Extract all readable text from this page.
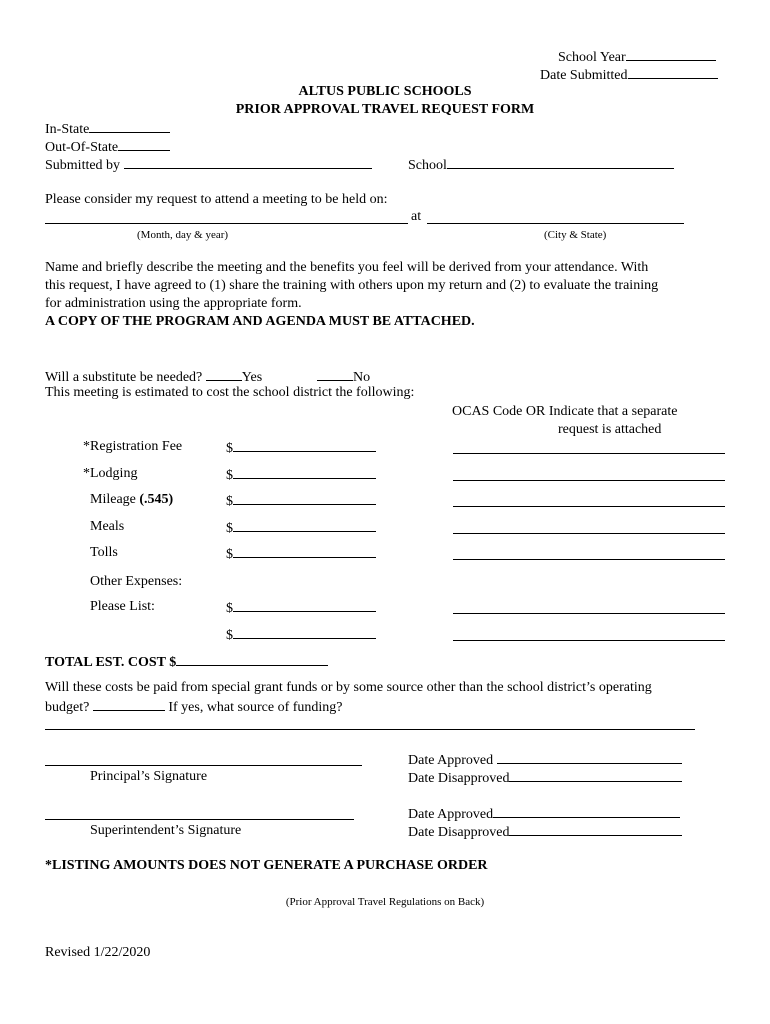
School Year
Date Submitted
ALTUS PUBLIC SCHOOLS
PRIOR APPROVAL TRAVEL REQUEST FORM
In-State
Out-Of-State
Submitted by	School
Please consider my request to attend a meeting to be held on:
at
(Month, day & year)	(City & State)
Name and briefly describe the meeting and the benefits you feel will be derived from your attendance. With
this request, I have agreed to (1) share the training with others upon my return and (2) to evaluate the training
for administration using the appropriate form.
A COPY OF THE PROGRAM AND AGENDA MUST BE ATTACHED.
Will a substitute be needed?	Yes	No
This meeting is estimated to cost the school district the following:
OCAS Code OR Indicate that a separate
request is attached
*Registration Fee	$
*Lodging	$
Mileage (.545)	$
Meals	$
Tolls	$
Other Expenses:
Please List:	$
$
TOTAL EST. COST $
Will these costs be paid from special grant funds or by some source other than the school district’s operating
budget?	If yes, what source of funding?
Principal’s Signature
Date Approved
Date Disapproved
Superintendent’s Signature
Date Approved
Date Disapproved
*LISTING AMOUNTS DOES NOT GENERATE A PURCHASE ORDER
(Prior Approval Travel Regulations on Back)
Revised 1/22/2020
